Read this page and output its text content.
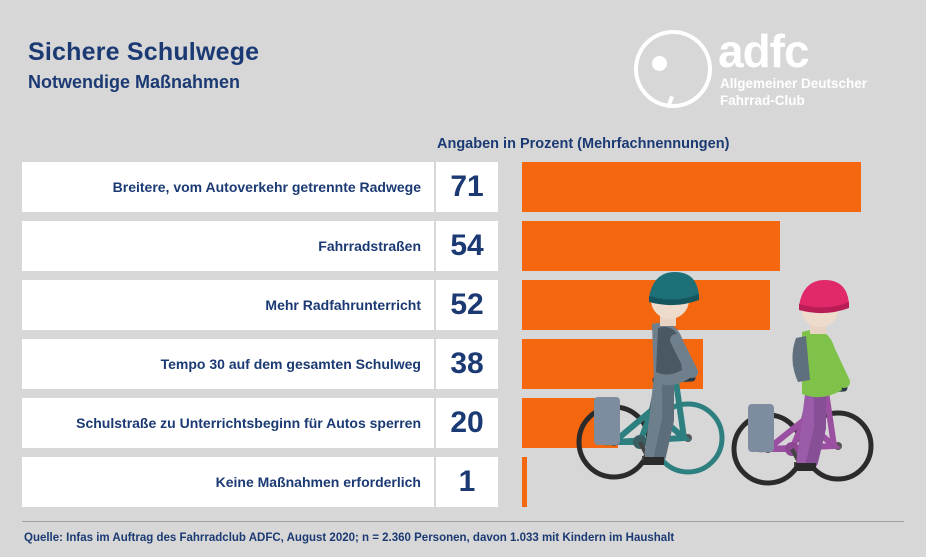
Sichere Schulwege
Notwendige Maßnahmen
adfc
Allgemeiner Deutscher
Fahrrad-Club
Angaben in Prozent (Mehrfachnennungen)
Breitere, vom Autoverkehr getrennte Radwege 71
Fahrradstraßen 54
Mehr Radfahrunterricht 52
Tempo 30 auf dem gesamten Schulweg 38
Schulstraße zu Unterrichtsbeginn für Autos sperren 20
Keine Maßnahmen erforderlich	1
Quelle: Infas im Auftrag des Fahrradclub ADFC, August 2020; n = 2.360 Personen, davon 1.033 mit Kindern im Haushalt
